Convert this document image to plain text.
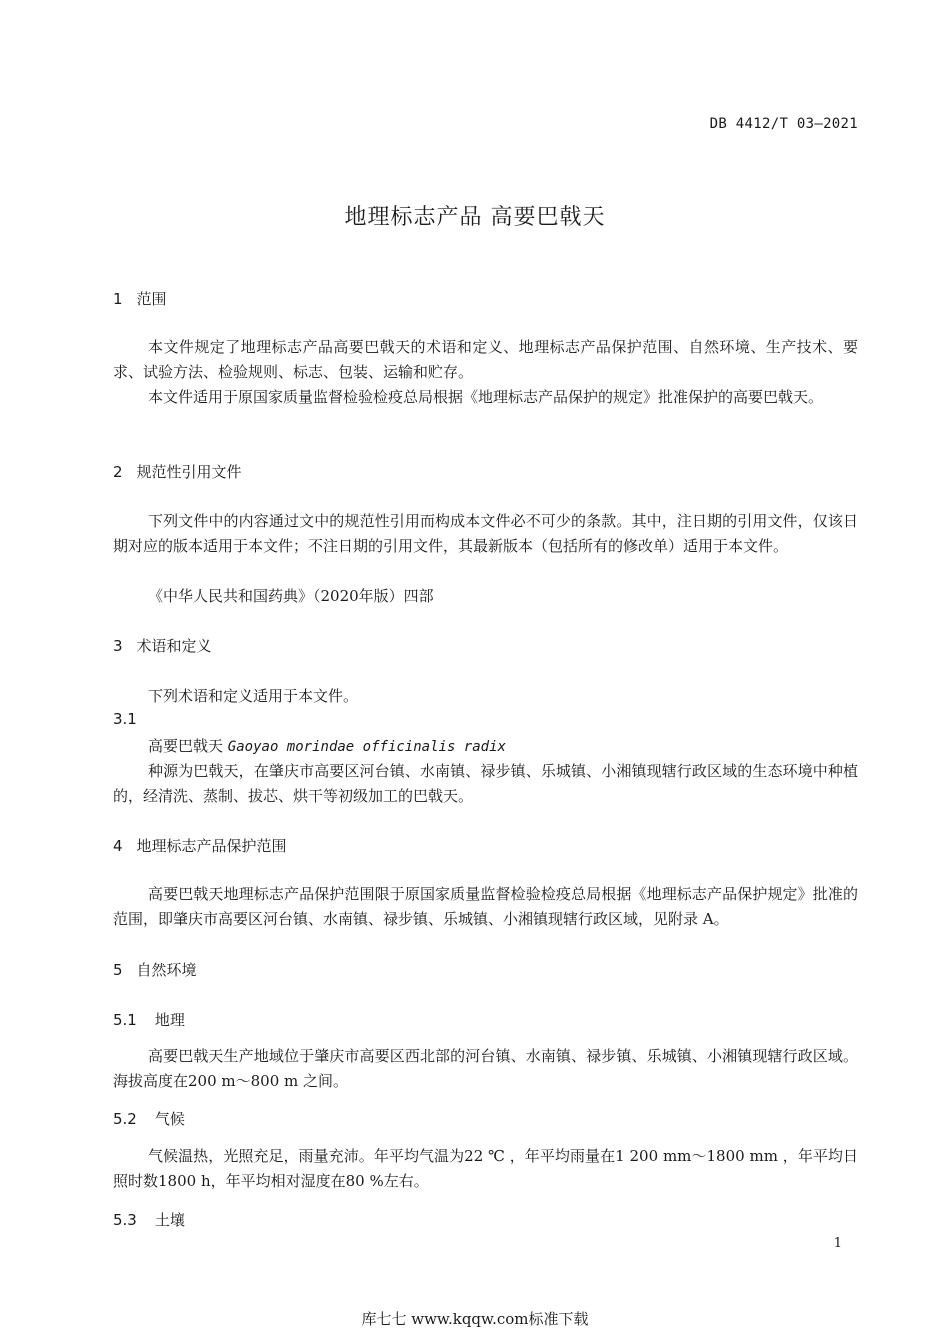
DB 4412/T 03—2021
地理标志产品 高要巴戟天
1 范围
本文件规定了地理标志产品高要巴戟天的术语和定义、地理标志产品保护范围、自然环境、生产技术、要求、试验方法、检验规则、标志、包装、运输和贮存。
本文件适用于原国家质量监督检验检疫总局根据《地理标志产品保护的规定》批准保护的高要巴戟天。
2 规范性引用文件
下列文件中的内容通过文中的规范性引用而构成本文件必不可少的条款。其中，注日期的引用文件，仅该日期对应的版本适用于本文件；不注日期的引用文件，其最新版本（包括所有的修改单）适用于本文件。
《中华人民共和国药典》（2020年版）四部
3 术语和定义
下列术语和定义适用于本文件。
3.1
高要巴戟天 Gaoyao morindae officinalis radix
种源为巴戟天，在肇庆市高要区河台镇、水南镇、禄步镇、乐城镇、小湘镇现辖行政区域的生态环境中种植的，经清洗、蒸制、拔芯、烘干等初级加工的巴戟天。
4 地理标志产品保护范围
高要巴戟天地理标志产品保护范围限于原国家质量监督检验检疫总局根据《地理标志产品保护规定》批准的范围，即肇庆市高要区河台镇、水南镇、禄步镇、乐城镇、小湘镇现辖行政区域，见附录 A。
5 自然环境
5.1 地理
高要巴戟天生产地域位于肇庆市高要区西北部的河台镇、水南镇、禄步镇、乐城镇、小湘镇现辖行政区域。海拔高度在200 m～800 m 之间。
5.2 气候
气候温热，光照充足，雨量充沛。年平均气温为22 ℃ ，年平均雨量在1 200 mm～1800 mm ，年平均日照时数1800 h，年平均相对湿度在80 %左右。
5.3 土壤
1
库七七 www.kqqw.com标准下载
